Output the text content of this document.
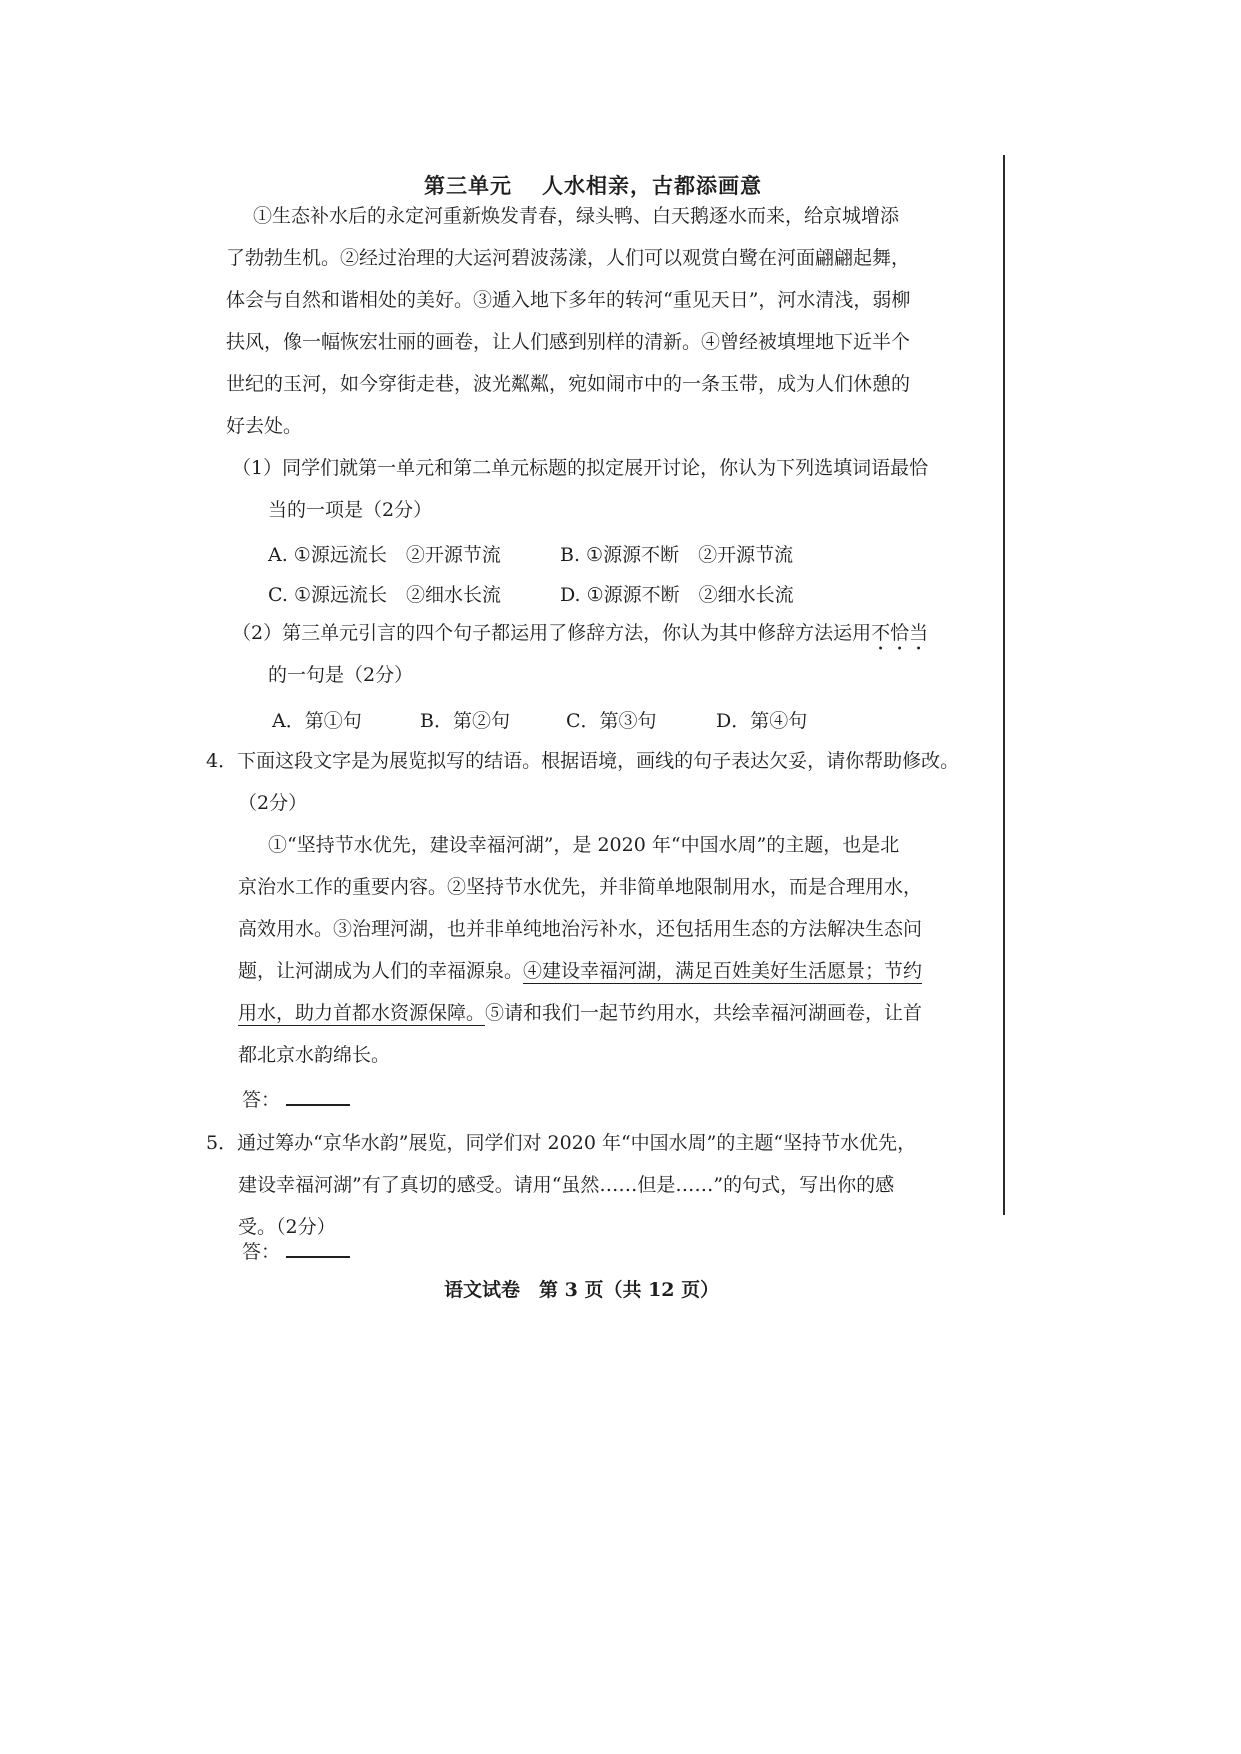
第三单元 人水相亲，古都添画意
①生态补水后的永定河重新焕发青春，绿头鸭、白天鹅逐水而来，给京城增添
了勃勃生机。②经过治理的大运河碧波荡漾，人们可以观赏白鹭在河面翩翩起舞，
体会与自然和谐相处的美好。③遁入地下多年的转河“重见天日”，河水清浅，弱柳
扶风，像一幅恢宏壮丽的画卷，让人们感到别样的清新。④曾经被填埋地下近半个
世纪的玉河，如今穿街走巷，波光粼粼，宛如闹市中的一条玉带，成为人们休憩的
好去处。
（1）同学们就第一单元和第二单元标题的拟定展开讨论，你认为下列选填词语最恰
当的一项是（2分）
A. ①源远流长　②开源节流	B. ①源源不断　②开源节流
C. ①源远流长　②细水长流	D. ①源源不断　②细水长流
（2）第三单元引言的四个句子都运用了修辞方法，你认为其中修辞方法运用不恰当
的一句是（2分）
A．第①句	B．第②句	C．第③句	D．第④句
4．下面这段文字是为展览拟写的结语。根据语境，画线的句子表达欠妥，请你帮助修改。
（2分）
①“坚持节水优先，建设幸福河湖”，是 2020 年“中国水周”的主题，也是北
京治水工作的重要内容。②坚持节水优先，并非简单地限制用水，而是合理用水，
高效用水。③治理河湖，也并非单纯地治污补水，还包括用生态的方法解决生态问
题，让河湖成为人们的幸福源泉。④建设幸福河湖，满足百姓美好生活愿景；节约
用水，助力首都水资源保障。⑤请和我们一起节约用水，共绘幸福河湖画卷，让首
都北京水韵绵长。
答：
5．通过筹办“京华水韵”展览，同学们对 2020 年“中国水周”的主题“坚持节水优先，
建设幸福河湖”有了真切的感受。请用“虽然……但是……”的句式，写出你的感
受。（2分）
答：
语文试卷　第 3 页（共 12 页）
